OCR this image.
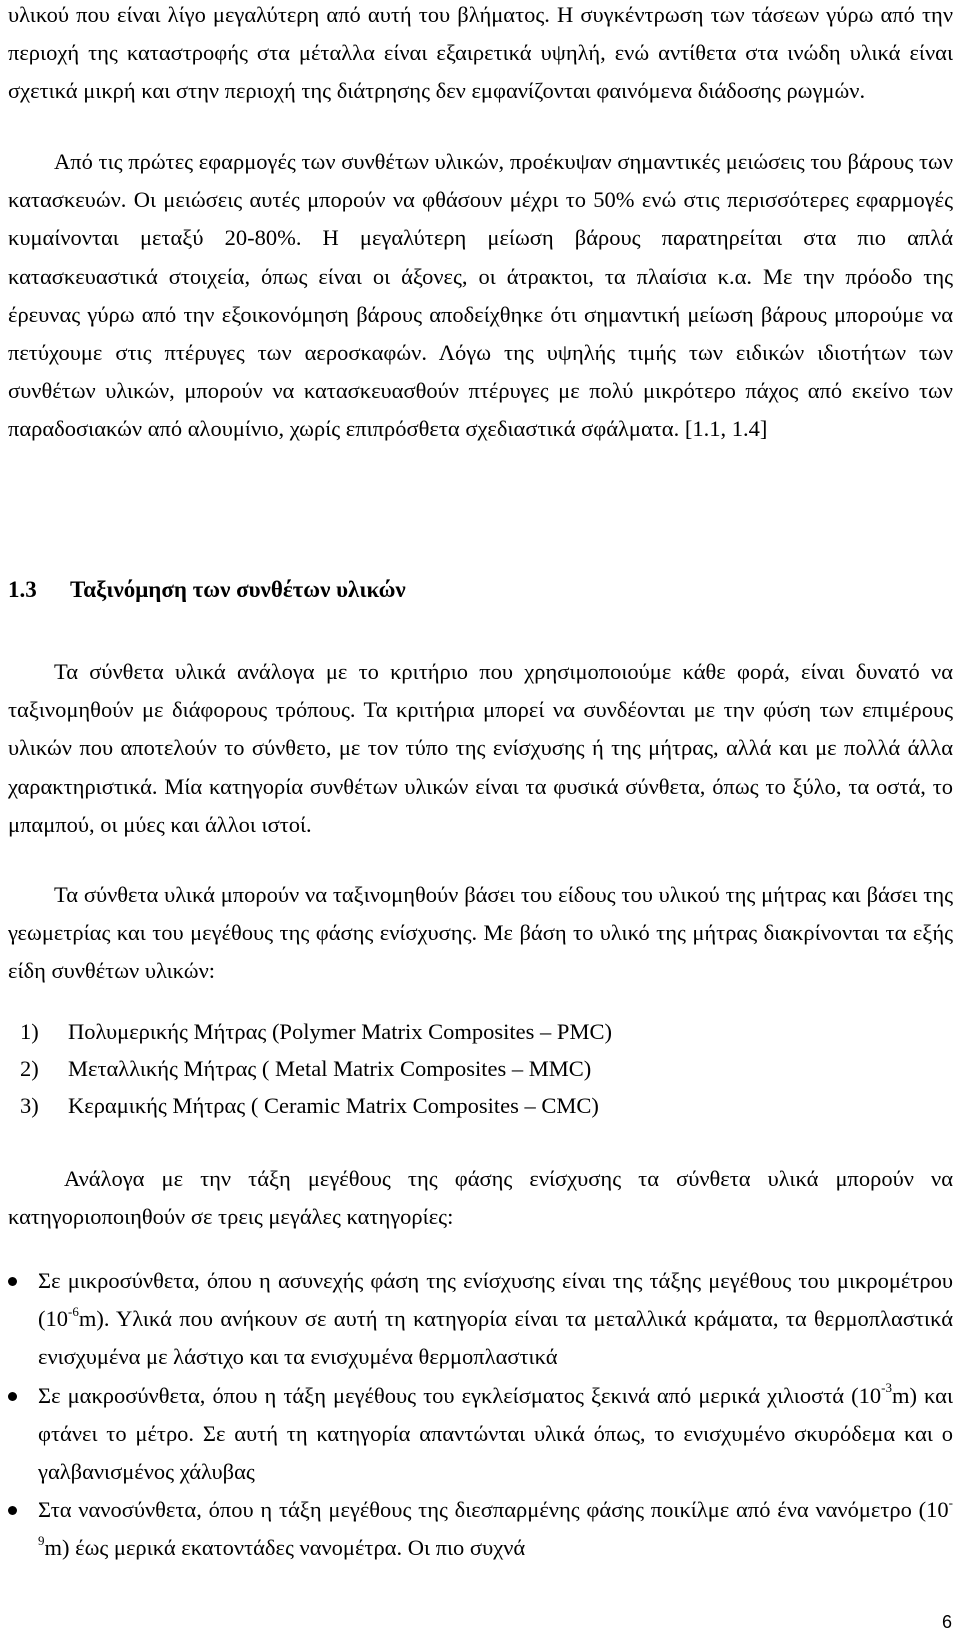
υλικού που είναι λίγο μεγαλύτερη από αυτή του βλήματος. Η συγκέντρωση των τάσεων γύρω από την περιοχή της καταστροφής στα μέταλλα είναι εξαιρετικά υψηλή, ενώ αντίθετα στα ινώδη υλικά είναι σχετικά μικρή και στην περιοχή της διάτρησης δεν εμφανίζονται φαινόμενα διάδοσης ρωγμών.

Από τις πρώτες εφαρμογές των συνθέτων υλικών, προέκυψαν σημαντικές μειώσεις του βάρους των κατασκευών. Οι μειώσεις αυτές μπορούν να φθάσουν μέχρι το 50% ενώ στις περισσότερες εφαρμογές κυμαίνονται μεταξύ 20-80%. Η μεγαλύτερη μείωση βάρους παρατηρείται στα πιο απλά κατασκευαστικά στοιχεία, όπως είναι οι άξονες, οι άτρακτοι, τα πλαίσια κ.α. Με την πρόοδο της έρευνας γύρω από την εξοικονόμηση βάρους αποδείχθηκε ότι σημαντική μείωση βάρους μπορούμε να πετύχουμε στις πτέρυγες των αεροσκαφών. Λόγω της υψηλής τιμής των ειδικών ιδιοτήτων των συνθέτων υλικών, μπορούν να κατασκευασθούν πτέρυγες με πολύ μικρότερο πάχος από εκείνο των παραδοσιακών από αλουμίνιο, χωρίς επιπρόσθετα σχεδιαστικά σφάλματα. [1.1, 1.4]

1.3 Ταξινόμηση των συνθέτων υλικών

Τα σύνθετα υλικά ανάλογα με το κριτήριο που χρησιμοποιούμε κάθε φορά, είναι δυνατό να ταξινομηθούν με διάφορους τρόπους. Τα κριτήρια μπορεί να συνδέονται με την φύση των επιμέρους υλικών που αποτελούν το σύνθετο, με τον τύπο της ενίσχυσης ή της μήτρας, αλλά και με πολλά άλλα χαρακτηριστικά. Μία κατηγορία συνθέτων υλικών είναι τα φυσικά σύνθετα, όπως το ξύλο, τα οστά, το μπαμπού, οι μύες και άλλοι ιστοί.

Τα σύνθετα υλικά μπορούν να ταξινομηθούν βάσει του είδους του υλικού της μήτρας και βάσει της γεωμετρίας και του μεγέθους της φάσης ενίσχυσης. Με βάση το υλικό της μήτρας διακρίνονται τα εξής είδη συνθέτων υλικών:

1) Πολυμερικής Μήτρας (Polymer Matrix Composites – PMC)
2) Μεταλλικής Μήτρας ( Metal Matrix Composites – MMC)
3) Κεραμικής Μήτρας ( Ceramic Matrix Composites – CMC)

Ανάλογα με την τάξη μεγέθους της φάσης ενίσχυσης τα σύνθετα υλικά μπορούν να κατηγοριοποιηθούν σε τρεις μεγάλες κατηγορίες:

Σε μικροσύνθετα, όπου η ασυνεχής φάση της ενίσχυσης είναι της τάξης μεγέθους του μικρομέτρου $(10^{-6}m)$. Υλικά που ανήκουν σε αυτή τη κατηγορία είναι τα μεταλλικά κράματα, τα θερμοπλαστικά ενισχυμένα με λάστιχο και τα ενισχυμένα θερμοπλαστικά
Σε μακροσύνθετα, όπου η τάξη μεγέθους του εγκλείσματος ξεκινά από μερικά χιλιοστά $(10^{-3}m)$ και φτάνει το μέτρο. Σε αυτή τη κατηγορία απαντώνται υλικά όπως, το ενισχυμένο σκυρόδεμα και ο γαλβανισμένος χάλυβας
Στα νανοσύνθετα, όπου η τάξη μεγέθους της διεσπαρμένης φάσης ποικίλμε από ένα νανόμετρο $(10^{-9}m)$ έως μερικά εκατοντάδες νανομέτρα. Οι πιο συχνά
6
